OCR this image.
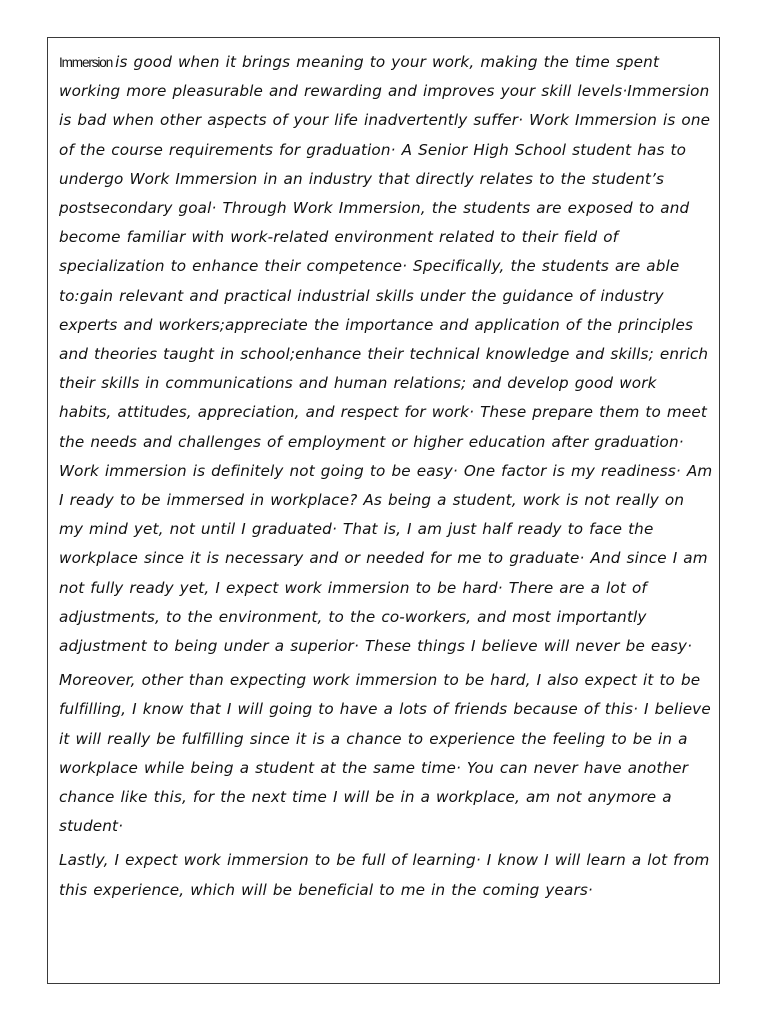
Immersion is good when it brings meaning to your work, making the time spent working more pleasurable and rewarding and improves your skill levels·Immersion is bad when other aspects of your life inadvertently suffer· Work Immersion is one of the course requirements for graduation· A Senior High School student has to undergo Work Immersion in an industry that directly relates to the student’s postsecondary goal· Through Work Immersion, the students are exposed to and become familiar with work-related environment related to their field of specialization to enhance their competence· Specifically, the students are able to:gain relevant and practical industrial skills under the guidance of industry experts and workers;appreciate the importance and application of the principles and theories taught in school;enhance their technical knowledge and skills; enrich their skills in communications and human relations; and develop good work habits, attitudes, appreciation, and respect for work· These prepare them to meet the needs and challenges of employment or higher education after graduation· Work immersion is definitely not going to be easy· One factor is my readiness· Am I ready to be immersed in workplace? As being a student, work is not really on my mind yet, not until I graduated· That is, I am just half ready to face the workplace since it is necessary and or needed for me to graduate· And since I am not fully ready yet, I expect work immersion to be hard· There are a lot of adjustments, to the environment, to the co-workers, and most importantly adjustment to being under a superior· These things I believe will never be easy·

Moreover, other than expecting work immersion to be hard, I also expect it to be fulfilling, I know that I will going to have a lots of friends because of this· I believe it will really be fulfilling since it is a chance to experience the feeling to be in a workplace while being a student at the same time· You can never have another chance like this, for the next time I will be in a workplace, am not anymore a student·

Lastly, I expect work immersion to be full of learning· I know I will learn a lot from this experience, which will be beneficial to me in the coming years·
